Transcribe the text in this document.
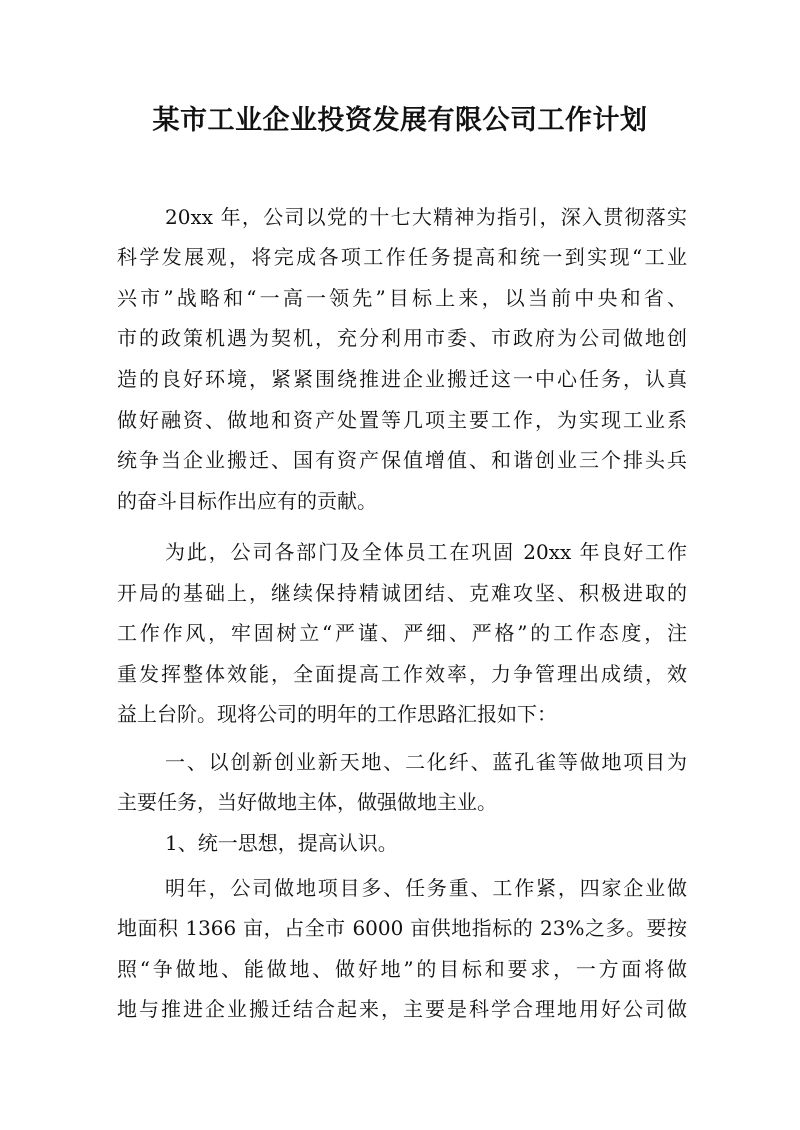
某市工业企业投资发展有限公司工作计划
20xx 年，公司以党的十七大精神为指引，深入贯彻落实
科学发展观，将完成各项工作任务提高和统一到实现“工业
兴市”战略和“一高一领先”目标上来，以当前中央和省、
市的政策机遇为契机，充分利用市委、市政府为公司做地创
造的良好环境，紧紧围绕推进企业搬迁这一中心任务，认真
做好融资、做地和资产处置等几项主要工作，为实现工业系
统争当企业搬迁、国有资产保值增值、和谐创业三个排头兵
的奋斗目标作出应有的贡献。
为此，公司各部门及全体员工在巩固 20xx 年良好工作
开局的基础上，继续保持精诚团结、克难攻坚、积极进取的
工作作风，牢固树立“严谨、严细、严格”的工作态度，注
重发挥整体效能，全面提高工作效率，力争管理出成绩，效
益上台阶。现将公司的明年的工作思路汇报如下：
一、以创新创业新天地、二化纤、蓝孔雀等做地项目为
主要任务，当好做地主体，做强做地主业。
1、统一思想，提高认识。
明年，公司做地项目多、任务重、工作紧，四家企业做
地面积 1366 亩，占全市 6000 亩供地指标的 23%之多。要按
照“争做地、能做地、做好地”的目标和要求，一方面将做
地与推进企业搬迁结合起来，主要是科学合理地用好公司做
